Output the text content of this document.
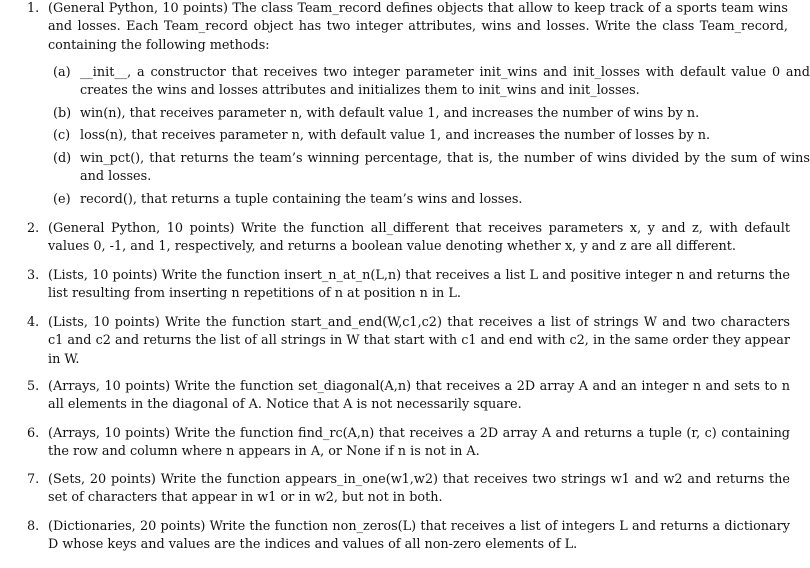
1. (General Python, 10 points) The class Team_record defines objects that allow to keep track of a sports team wins and losses. Each Team_record object has two integer attributes, wins and losses. Write the class Team_record, containing the following methods:
(a) __init__, a constructor that receives two integer parameter init_wins and init_losses with default value 0 and creates the wins and losses attributes and initializes them to init_wins and init_losses.
(b) win(n), that receives parameter n, with default value 1, and increases the number of wins by n.
(c) loss(n), that receives parameter n, with default value 1, and increases the number of losses by n.
(d) win_pct(), that returns the team’s winning percentage, that is, the number of wins divided by the sum of wins and losses.
(e) record(), that returns a tuple containing the team’s wins and losses.
2. (General Python, 10 points) Write the function all_different that receives parameters x, y and z, with default values 0, -1, and 1, respectively, and returns a boolean value denoting whether x, y and z are all different.
3. (Lists, 10 points) Write the function insert_n_at_n(L,n) that receives a list L and positive integer n and returns the list resulting from inserting n repetitions of n at position n in L.
4. (Lists, 10 points) Write the function start_and_end(W,c1,c2) that receives a list of strings W and two characters c1 and c2 and returns the list of all strings in W that start with c1 and end with c2, in the same order they appear in W.
5. (Arrays, 10 points) Write the function set_diagonal(A,n) that receives a 2D array A and an integer n and sets to n all elements in the diagonal of A. Notice that A is not necessarily square.
6. (Arrays, 10 points) Write the function find_rc(A,n) that receives a 2D array A and returns a tuple (r, c) containing the row and column where n appears in A, or None if n is not in A.
7. (Sets, 20 points) Write the function appears_in_one(w1,w2) that receives two strings w1 and w2 and returns the set of characters that appear in w1 or in w2, but not in both.
8. (Dictionaries, 20 points) Write the function non_zeros(L) that receives a list of integers L and returns a dictionary D whose keys and values are the indices and values of all non-zero elements of L.
